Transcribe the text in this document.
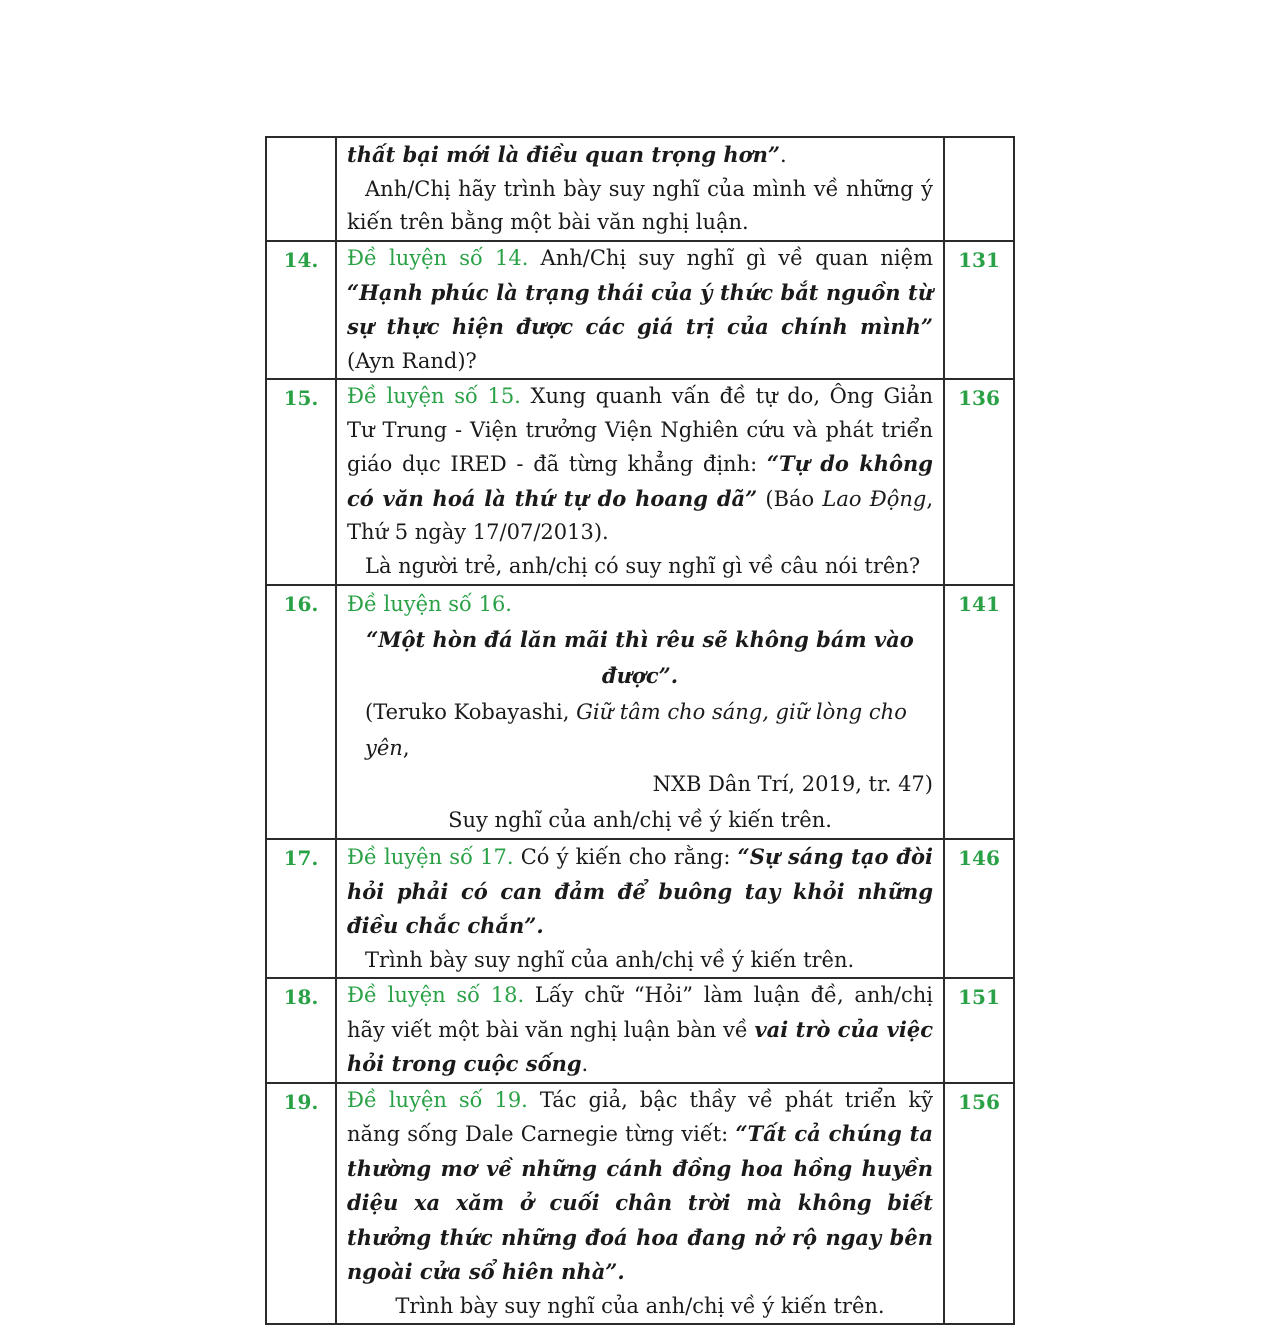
	thất bại mới là điều quan trọng hơn”.

Anh/Chị hãy trình bày suy nghĩ của mình về những ý kiến trên bằng một bài văn nghị luận.	

14.	Đề luyện số 14. Anh/Chị suy nghĩ gì về quan niệm “Hạnh phúc là trạng thái của ý thức bắt nguồn từ sự thực hiện được các giá trị của chính mình” (Ayn Rand)?	131
15.	Đề luyện số 15. Xung quanh vấn đề tự do, Ông Giản Tư Trung - Viện trưởng Viện Nghiên cứu và phát triển giáo dục IRED - đã từng khẳng định: “Tự do không có văn hoá là thứ tự do hoang dã” (Báo Lao Động, Thứ 5 ngày 17/07/2013).

Là người trẻ, anh/chị có suy nghĩ gì về câu nói trên?	136
16.	Đề luyện số 16.

“Một hòn đá lăn mãi thì rêu sẽ không bám vào được”.

(Teruko Kobayashi, Giữ tâm cho sáng, giữ lòng cho yên,

NXB Dân Trí, 2019, tr. 47)

Suy nghĩ của anh/chị về ý kiến trên.	141
17.	Đề luyện số 17. Có ý kiến cho rằng: “Sự sáng tạo đòi hỏi phải có can đảm để buông tay khỏi những điều chắc chắn”.

Trình bày suy nghĩ của anh/chị về ý kiến trên.	146
18.	Đề luyện số 18. Lấy chữ “Hỏi” làm luận đề, anh/chị hãy viết một bài văn nghị luận bàn về vai trò của việc hỏi trong cuộc sống.	151
19.	Đề luyện số 19. Tác giả, bậc thầy về phát triển kỹ năng sống Dale Carnegie từng viết: “Tất cả chúng ta thường mơ về những cánh đồng hoa hồng huyền diệu xa xăm ở cuối chân trời mà không biết thưởng thức những đoá hoa đang nở rộ ngay bên ngoài cửa sổ hiên nhà”.

Trình bày suy nghĩ của anh/chị về ý kiến trên.	156
